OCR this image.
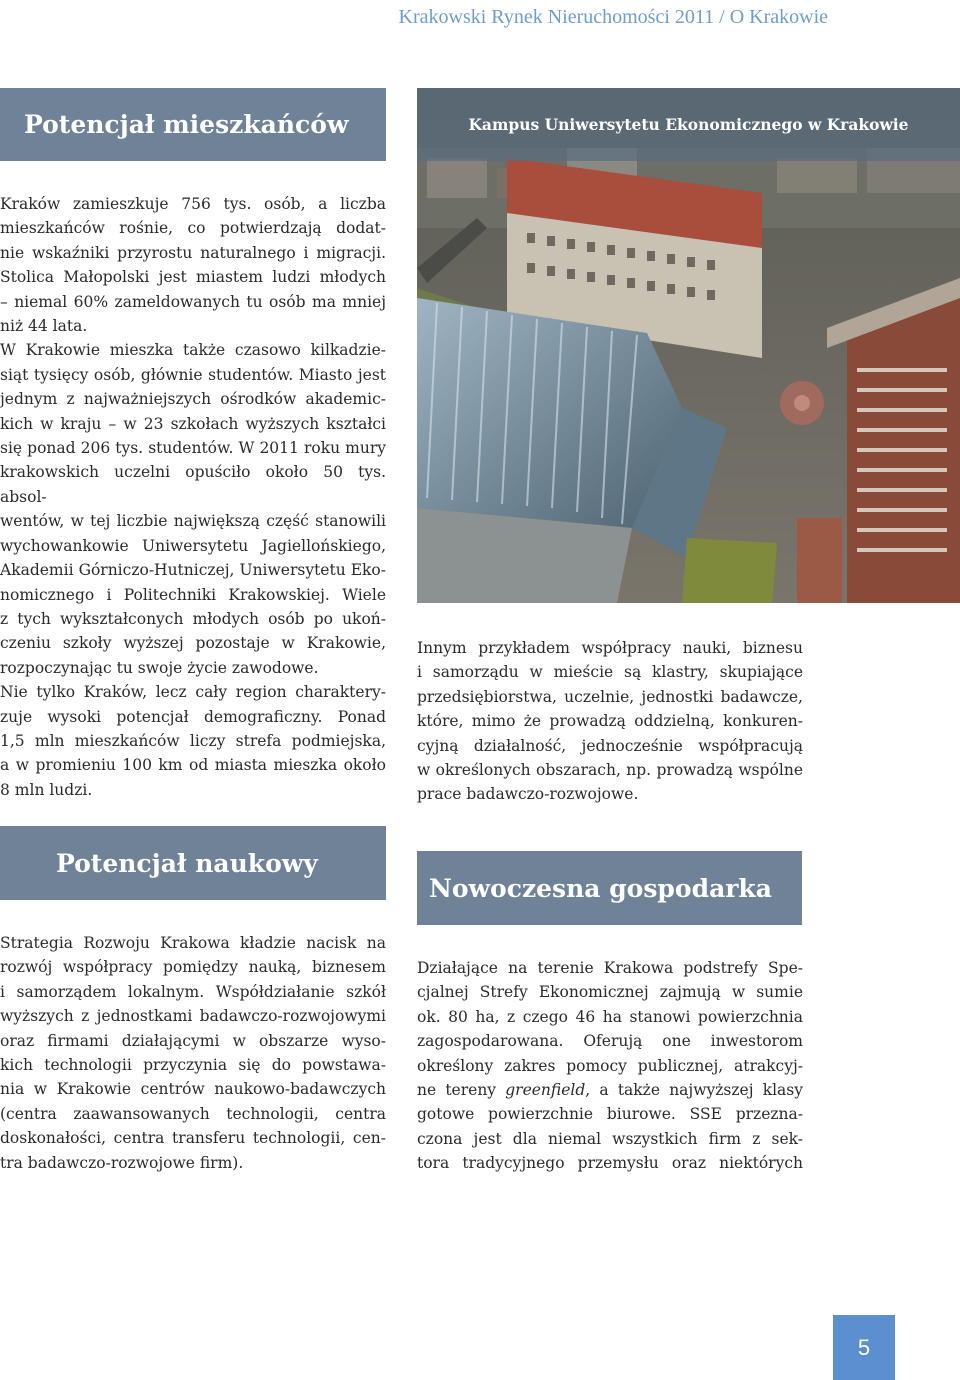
Krakowski Rynek Nieruchomości 2011 / O Krakowie
Potencjał mieszkańców

Kraków zamieszkuje 756 tys. osób, a liczba
mieszkańców rośnie, co potwierdzają dodat-
nie wskaźniki przyrostu naturalnego i migracji.
Stolica Małopolski jest miastem ludzi młodych
– niemal 60% zameldowanych tu osób ma mniej
niż 44 lata.

W Krakowie mieszka także czasowo kilkadzie-
siąt tysięcy osób, głównie studentów. Miasto jest
jednym z najważniejszych ośrodków akademic-
kich w kraju – w 23 szkołach wyższych kształci
się ponad 206 tys. studentów. W 2011 roku mury
krakowskich uczelni opuściło około 50 tys. absol-
wentów, w tej liczbie największą część stanowili
wychowankowie Uniwersytetu Jagiellońskiego,
Akademii Górniczo-Hutniczej, Uniwersytetu Eko-
nomicznego i Politechniki Krakowskiej. Wiele
z tych wykształconych młodych osób po ukoń-
czeniu szkoły wyższej pozostaje w Krakowie,
rozpoczynając tu swoje życie zawodowe.

Nie tylko Kraków, lecz cały region charaktery-
zuje wysoki potencjał demograficzny. Ponad
1,5 mln mieszkańców liczy strefa podmiejska,
a w promieniu 100 km od miasta mieszka około
8 mln ludzi.

Kampus Uniwersytetu Ekonomicznego w Krakowie

Innym przykładem współpracy nauki, biznesu
i samorządu w mieście są klastry, skupiające
przedsiębiorstwa, uczelnie, jednostki badawcze,
które, mimo że prowadzą oddzielną, konkuren-
cyjną działalność, jednocześnie współpracują
w określonych obszarach, np. prowadzą wspólne
prace badawczo-rozwojowe.

Potencjał naukowy

Strategia Rozwoju Krakowa kładzie nacisk na
rozwój współpracy pomiędzy nauką, biznesem
i samorządem lokalnym. Współdziałanie szkół
wyższych z jednostkami badawczo-rozwojowymi
oraz firmami działającymi w obszarze wyso-
kich technologii przyczynia się do powstawa-
nia w Krakowie centrów naukowo-badawczych
(centra zaawansowanych technologii, centra
doskonałości, centra transferu technologii, cen-
tra badawczo-rozwojowe firm).

Nowoczesna gospodarka

Działające na terenie Krakowa podstrefy Spe-
cjalnej Strefy Ekonomicznej zajmują w sumie
ok. 80 ha, z czego 46 ha stanowi powierzchnia
zagospodarowana. Oferują one inwestorom
określony zakres pomocy publicznej, atrakcyj-
ne tereny greenfield, a także najwyższej klasy
gotowe powierzchnie biurowe. SSE przezna-
czona jest dla niemal wszystkich firm z sek-
tora tradycyjnego przemysłu oraz niektórych

5
